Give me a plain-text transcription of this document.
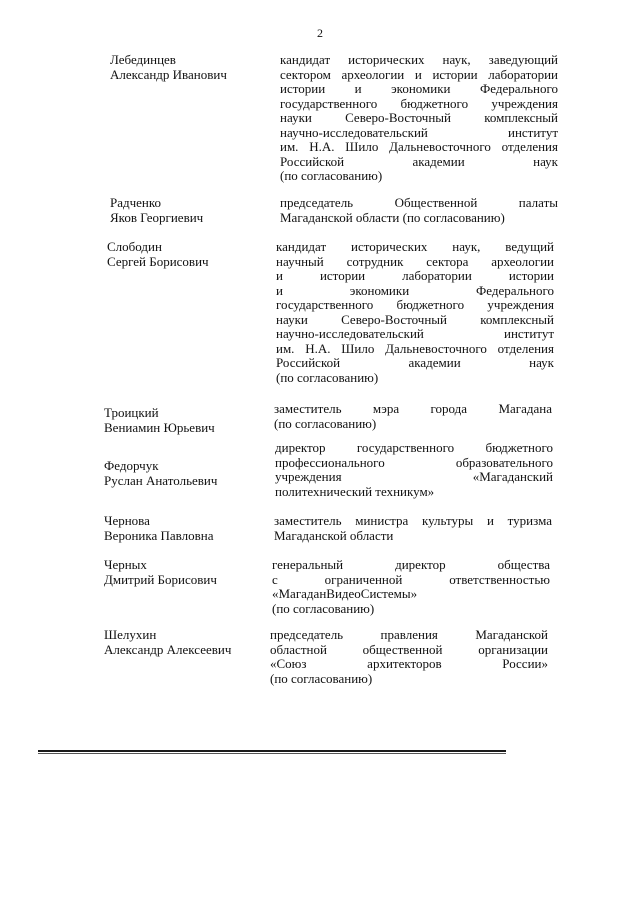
2
Лебединцев
Александр Иванович
кандидат исторических наук, заведующий
сектором археологии и истории лаборатории
истории и экономики Федерального
государственного бюджетного учреждения
науки Северо-Восточный комплексный
научно-исследовательский институт
им. Н.А. Шило Дальневосточного отделения
Российской академии наук
(по согласованию)
Радченко
Яков Георгиевич
председатель Общественной палаты
Магаданской области (по согласованию)
Слободин
Сергей Борисович
кандидат исторических наук, ведущий
научный сотрудник сектора археологии
и истории лаборатории истории
и экономики Федерального
государственного бюджетного учреждения
науки Северо-Восточный комплексный
научно-исследовательский институт
им. Н.А. Шило Дальневосточного отделения
Российской академии наук
(по согласованию)
Троицкий
Вениамин Юрьевич
заместитель мэра города Магадана
(по согласованию)
Федорчук
Руслан Анатольевич
директор государственного бюджетного
профессионального образовательного
учреждения «Магаданский
политехнический техникум»
Чернова
Вероника Павловна
заместитель министра культуры и туризма
Магаданской области
Черных
Дмитрий Борисович
генеральный директор общества
с ограниченной ответственностью
«МагаданВидеоСистемы»
(по согласованию)
Шелухин
Александр Алексеевич
председатель правления Магаданской
областной общественной организации
«Союз архитекторов России»
(по согласованию)
